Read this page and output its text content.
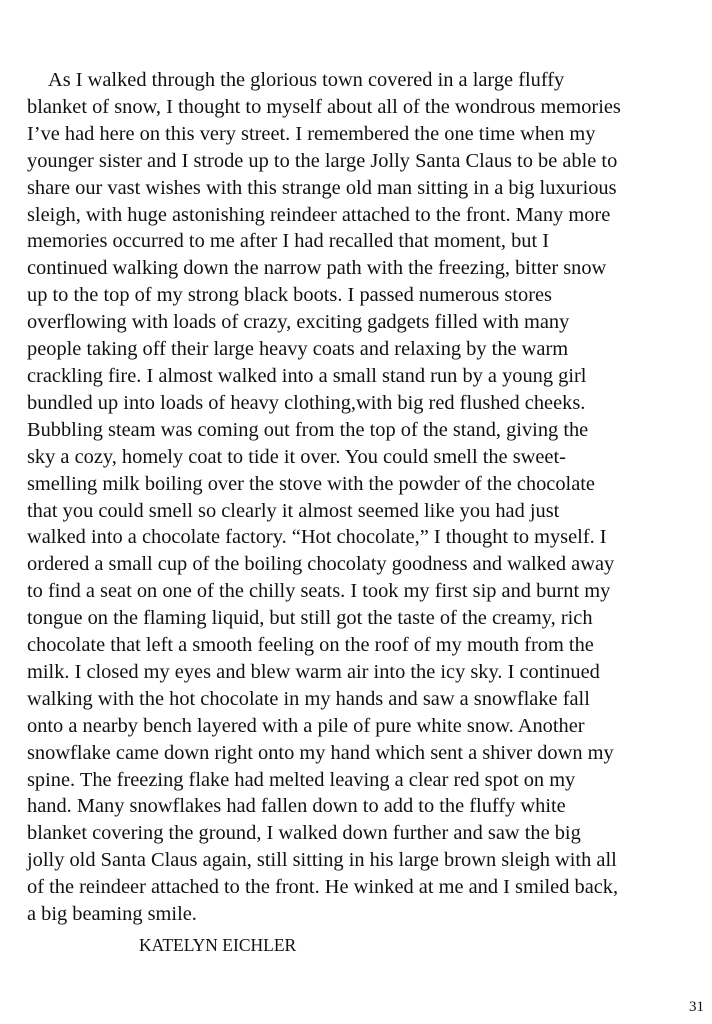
As I walked through the glorious town covered in a large fluffy
blanket of snow, I thought to myself about all of the wondrous memories
I’ve had here on this very street. I remembered the one time when my
younger sister and I strode up to the large Jolly Santa Claus to be able to
share our vast wishes with this strange old man sitting in a big luxurious
sleigh, with huge astonishing reindeer attached to the front. Many more
memories occurred to me after I had recalled that moment, but I
continued walking down the narrow path with the freezing, bitter snow
up to the top of my strong black boots. I passed numerous stores
overflowing with loads of crazy, exciting gadgets filled with many
people taking off their large heavy coats and relaxing by the warm
crackling fire. I almost walked into a small stand run by a young girl
bundled up into loads of heavy clothing,with big red flushed cheeks.
Bubbling steam was coming out from the top of the stand, giving the
sky a cozy, homely coat to tide it over. You could smell the sweet-
smelling milk boiling over the stove with the powder of the chocolate
that you could smell so clearly it almost seemed like you had just
walked into a chocolate factory. “Hot chocolate,” I thought to myself. I
ordered a small cup of the boiling chocolaty goodness and walked away
to find a seat on one of the chilly seats. I took my first sip and burnt my
tongue on the flaming liquid, but still got the taste of the creamy, rich
chocolate that left a smooth feeling on the roof of my mouth from the
milk. I closed my eyes and blew warm air into the icy sky. I continued
walking with the hot chocolate in my hands and saw a snowflake fall
onto a nearby bench layered with a pile of pure white snow. Another
snowflake came down right onto my hand which sent a shiver down my
spine. The freezing flake had melted leaving a clear red spot on my
hand. Many snowflakes had fallen down to add to the fluffy white
blanket covering the ground, I walked down further and saw the big
jolly old Santa Claus again, still sitting in his large brown sleigh with all
of the reindeer attached to the front. He winked at me and I smiled back,
a big beaming smile.

KATELYN EICHLER
31
